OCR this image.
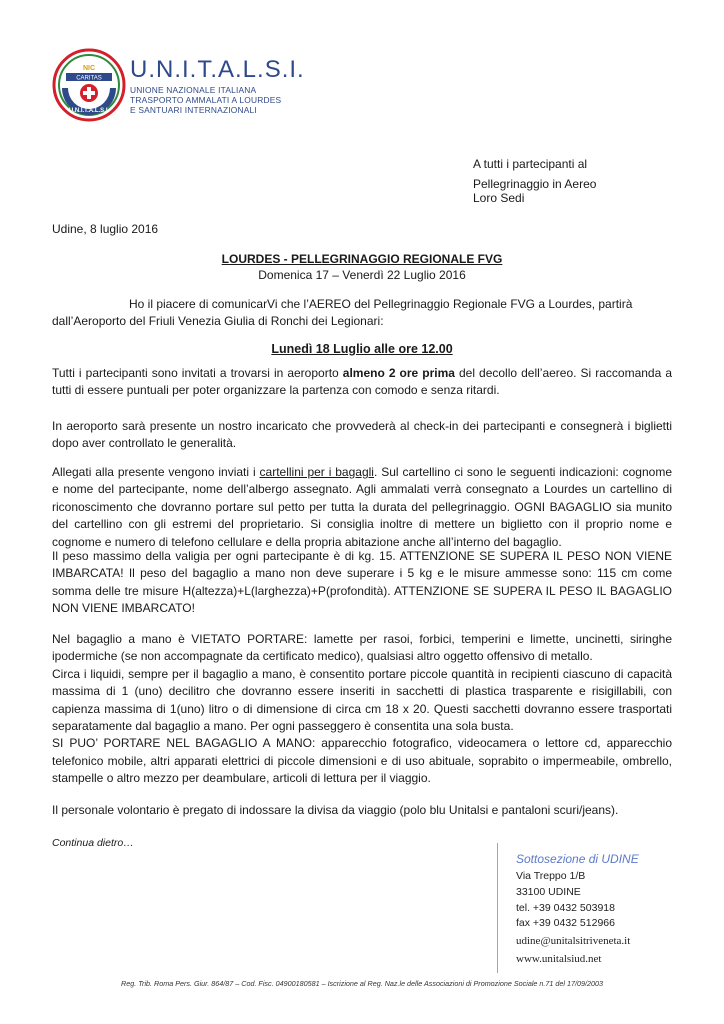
NIC
CARITAS
U.N.I.T.A.L.S.I.
U.N.I.T.A.L.S.I.
UNIONE NAZIONALE ITALIANA
TRASPORTO AMMALATI A LOURDES
E SANTUARI INTERNAZIONALI
A tutti i partecipanti al
Pellegrinaggio in Aereo
Loro Sedi
Udine, 8 luglio 2016
LOURDES - PELLEGRINAGGIO REGIONALE FVG
Domenica 17 – Venerdì 22 Luglio 2016
Ho il piacere di comunicarVi che l’AEREO del Pellegrinaggio Regionale FVG a Lourdes, partirà
dall’Aeroporto del Friuli Venezia Giulia di Ronchi dei Legionari:
Lunedì 18 Luglio alle ore 12.00
Tutti i partecipanti sono invitati a trovarsi in aeroporto almeno 2 ore prima del decollo dell’aereo. Si raccomanda a tutti di essere puntuali per poter organizzare la partenza con comodo e senza ritardi.
In aeroporto sarà presente un nostro incaricato che provvederà al check-in dei partecipanti e consegnerà i biglietti dopo aver controllato le generalità.
Allegati alla presente vengono inviati i cartellini per i bagagli. Sul cartellino ci sono le seguenti indicazioni: cognome e nome del partecipante, nome dell’albergo assegnato. Agli ammalati verrà consegnato a Lourdes un cartellino di riconoscimento che dovranno portare sul petto per tutta la durata del pellegrinaggio. OGNI BAGAGLIO sia munito del cartellino con gli estremi del proprietario. Si consiglia inoltre di mettere un biglietto con il proprio nome e cognome e numero di telefono cellulare e della propria abitazione anche all’interno del bagaglio.
Il peso massimo della valigia per ogni partecipante è di kg. 15. ATTENZIONE SE SUPERA IL PESO NON VIENE IMBARCATA! Il peso del bagaglio a mano non deve superare i 5 kg e le misure ammesse sono: 115 cm come somma delle tre misure H(altezza)+L(larghezza)+P(profondità). ATTENZIONE SE SUPERA IL PESO IL BAGAGLIO NON VIENE IMBARCATO!
Nel bagaglio a mano è VIETATO PORTARE: lamette per rasoi, forbici, temperini e limette, uncinetti, siringhe ipodermiche (se non accompagnate da certificato medico), qualsiasi altro oggetto offensivo di metallo.
Circa i liquidi, sempre per il bagaglio a mano, è consentito portare piccole quantità in recipienti ciascuno di capacità massima di 1 (uno) decilitro che dovranno essere inseriti in sacchetti di plastica trasparente e risigillabili, con capienza massima di 1(uno) litro o di dimensione di circa cm 18 x 20. Questi sacchetti dovranno essere trasportati separatamente dal bagaglio a mano. Per ogni passeggero è consentita una sola busta.
SI PUO’ PORTARE NEL BAGAGLIO A MANO: apparecchio fotografico, videocamera o lettore cd, apparecchio telefonico mobile, altri apparati elettrici di piccole dimensioni e di uso abituale, soprabito o impermeabile, ombrello, stampelle o altro mezzo per deambulare, articoli di lettura per il viaggio.
Il personale volontario è pregato di indossare la divisa da viaggio (polo blu Unitalsi e pantaloni scuri/jeans).
Continua dietro…
Sottosezione di UDINE
Via Treppo 1/B
33100 UDINE
tel. +39 0432 503918
fax +39 0432 512966
udine@unitalsitriveneta.it
www.unitalsiud.net
Reg. Trib. Roma Pers. Giur. 864/87 – Cod. Fisc. 04900180581 – Iscrizione al Reg. Naz.le delle Associazioni di Promozione Sociale n.71 del 17/09/2003
